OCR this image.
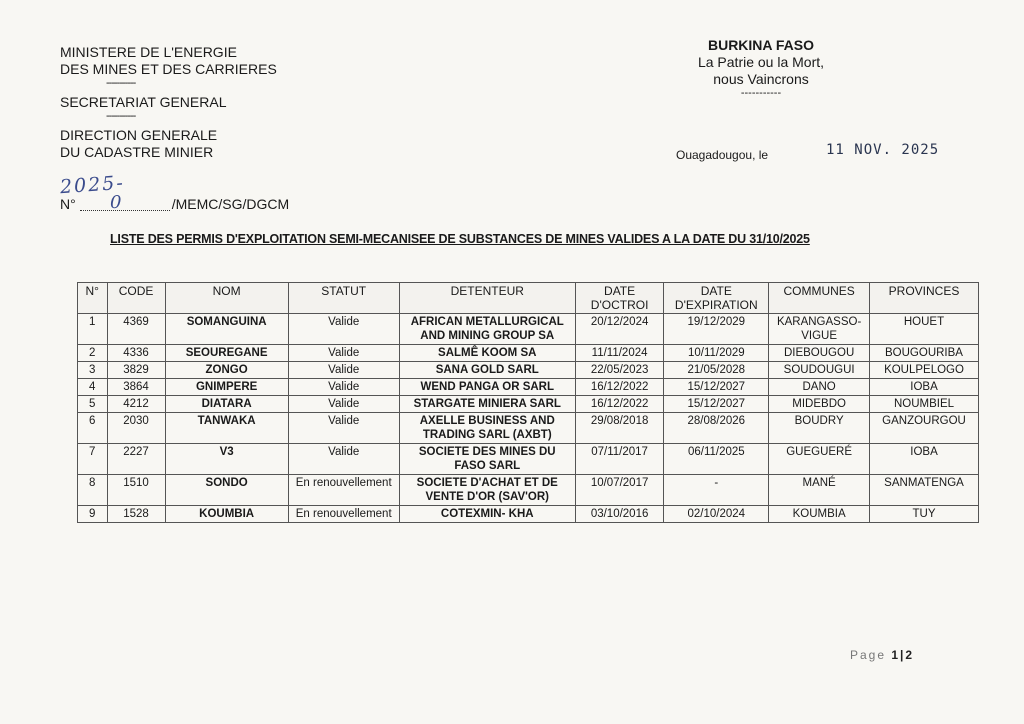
MINISTERE DE L'ENERGIE
DES MINES ET DES CARRIERES
-----------
SECRETARIAT GENERAL
-----------
DIRECTION GENERALE
DU CADASTRE MINIER
2025-
0
N°	/MEMC/SG/DGCM
BURKINA FASO
La Patrie ou la Mort,
nous Vaincrons
-----------
Ouagadougou, le	11 NOV. 2025
LISTE DES PERMIS D'EXPLOITATION SEMI-MECANISEE DE SUBSTANCES DE MINES VALIDES A LA DATE DU 31/10/2025
N°	CODE	NOM	STATUT	DETENTEUR	DATE D'OCTROI	DATE D'EXPIRATION	COMMUNES	PROVINCES
1	4369	SOMANGUINA	Valide	AFRICAN METALLURGICAL AND MINING GROUP SA	20/12/2024	19/12/2029	KARANGASSO-VIGUE	HOUET
2	4336	SEOUREGANE	Valide	SALMÊ KOOM SA	11/11/2024	10/11/2029	DIEBOUGOU	BOUGOURIBA
3	3829	ZONGO	Valide	SANA GOLD SARL	22/05/2023	21/05/2028	SOUDOUGUI	KOULPELOGO
4	3864	GNIMPERE	Valide	WEND PANGA OR SARL	16/12/2022	15/12/2027	DANO	IOBA
5	4212	DIATARA	Valide	STARGATE MINIERA SARL	16/12/2022	15/12/2027	MIDEBDO	NOUMBIEL
6	2030	TANWAKA	Valide	AXELLE BUSINESS AND TRADING SARL (AXBT)	29/08/2018	28/08/2026	BOUDRY	GANZOURGOU
7	2227	V3	Valide	SOCIETE DES MINES DU FASO SARL	07/11/2017	06/11/2025	GUEGUERÉ	IOBA
8	1510	SONDO	En renouvellement	SOCIETE D'ACHAT ET DE VENTE D'OR (SAV'OR)	10/07/2017	-	MANÉ	SANMATENGA
9	1528	KOUMBIA	En renouvellement	COTEXMIN- KHA	03/10/2016	02/10/2024	KOUMBIA	TUY
Page 1|2
